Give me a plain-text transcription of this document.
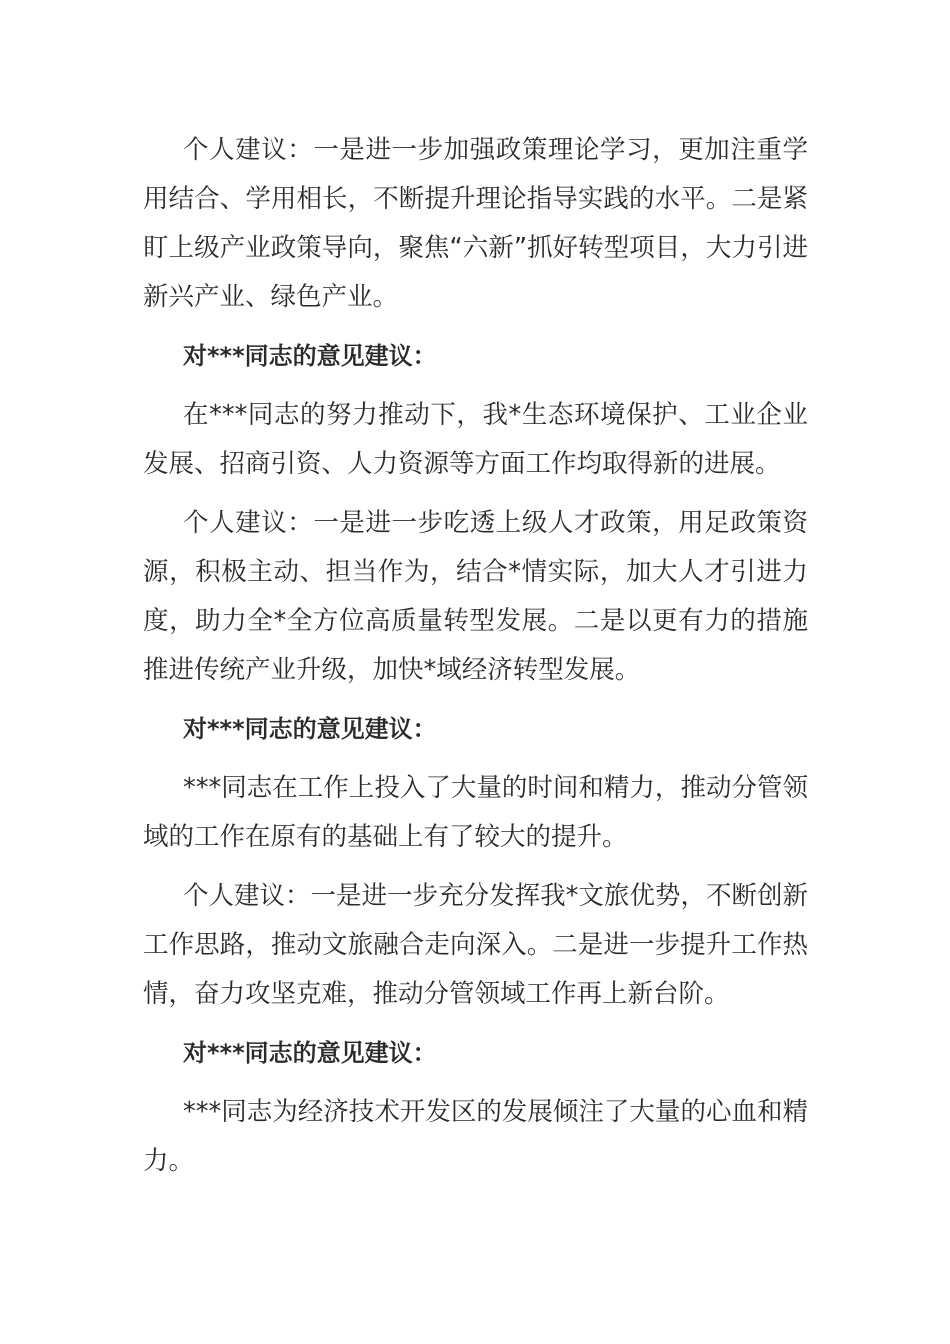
个人建议：一是进一步加强政策理论学习，更加注重学用结合、学用相长，不断提升理论指导实践的水平。二是紧盯上级产业政策导向，聚焦“六新”抓好转型项目，大力引进新兴产业、绿色产业。

对***同志的意见建议：

在***同志的努力推动下，我*生态环境保护、工业企业发展、招商引资、人力资源等方面工作均取得新的进展。

个人建议：一是进一步吃透上级人才政策，用足政策资源，积极主动、担当作为，结合*情实际，加大人才引进力度，助力全*全方位高质量转型发展。二是以更有力的措施推进传统产业升级，加快*域经济转型发展。

对***同志的意见建议：

***同志在工作上投入了大量的时间和精力，推动分管领域的工作在原有的基础上有了较大的提升。

个人建议：一是进一步充分发挥我*文旅优势，不断创新工作思路，推动文旅融合走向深入。二是进一步提升工作热情，奋力攻坚克难，推动分管领域工作再上新台阶。

对***同志的意见建议：

***同志为经济技术开发区的发展倾注了大量的心血和精力。
